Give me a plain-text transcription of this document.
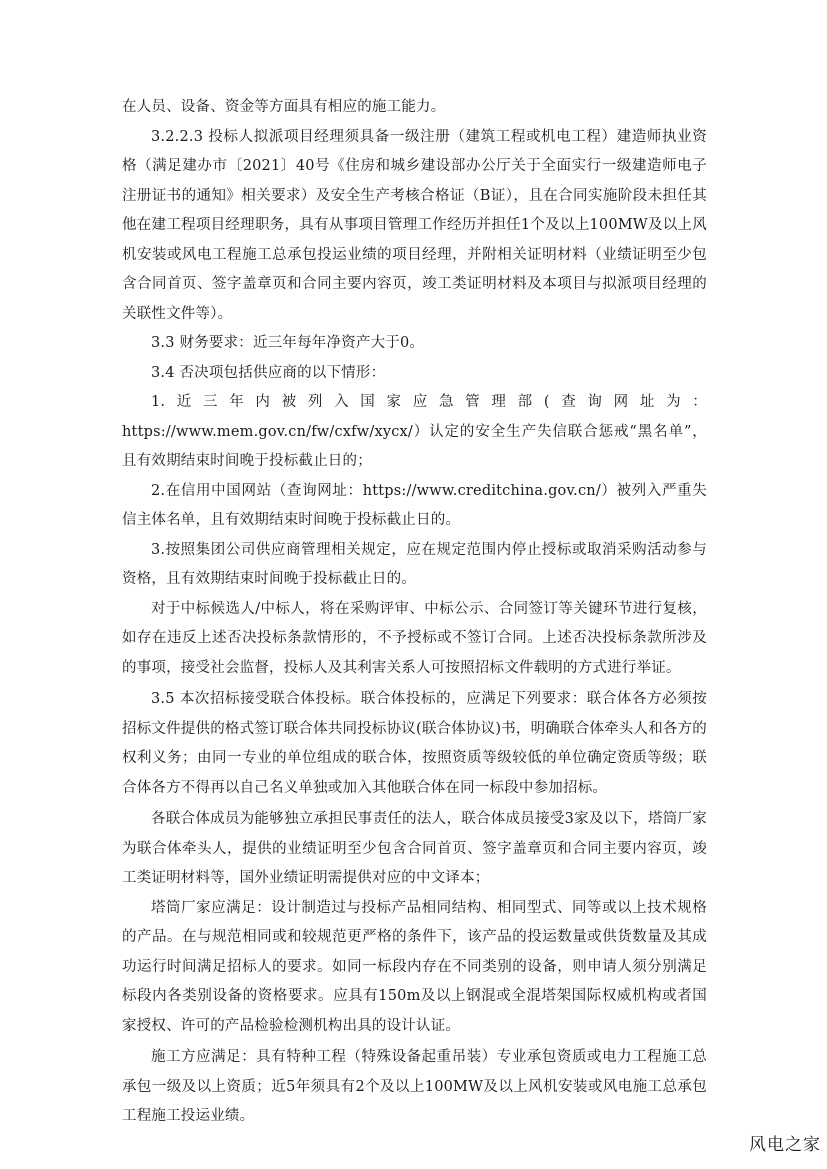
在人员、设备、资金等方面具有相应的施工能力。

3.2.2.3 投标人拟派项目经理须具备一级注册（建筑工程或机电工程）建造师执业资格（满足建办市〔2021〕40号《住房和城乡建设部办公厅关于全面实行一级建造师电子注册证书的通知》相关要求）及安全生产考核合格证（B证），且在合同实施阶段未担任其他在建工程项目经理职务，具有从事项目管理工作经历并担任1个及以上100MW及以上风机安装或风电工程施工总承包投运业绩的项目经理，并附相关证明材料（业绩证明至少包含合同首页、签字盖章页和合同主要内容页，竣工类证明材料及本项目与拟派项目经理的关联性文件等）。

3.3 财务要求：近三年每年净资产大于0。

3.4 否决项包括供应商的以下情形：

1.近三年内被列入国家应急管理部(查询网址为：https://www.mem.gov.cn/fw/cxfw/xycx/）认定的安全生产失信联合惩戒“黑名单”，且有效期结束时间晚于投标截止日的；

2.在信用中国网站（查询网址：https://www.creditchina.gov.cn/）被列入严重失信主体名单，且有效期结束时间晚于投标截止日的。

3.按照集团公司供应商管理相关规定，应在规定范围内停止授标或取消采购活动参与资格，且有效期结束时间晚于投标截止日的。

对于中标候选人/中标人，将在采购评审、中标公示、合同签订等关键环节进行复核，如存在违反上述否决投标条款情形的，不予授标或不签订合同。上述否决投标条款所涉及的事项，接受社会监督，投标人及其利害关系人可按照招标文件载明的方式进行举证。

3.5 本次招标接受联合体投标。联合体投标的，应满足下列要求：联合体各方必须按招标文件提供的格式签订联合体共同投标协议(联合体协议)书，明确联合体牵头人和各方的权利义务；由同一专业的单位组成的联合体，按照资质等级较低的单位确定资质等级；联合体各方不得再以自己名义单独或加入其他联合体在同一标段中参加招标。

各联合体成员为能够独立承担民事责任的法人，联合体成员接受3家及以下，塔筒厂家为联合体牵头人，提供的业绩证明至少包含合同首页、签字盖章页和合同主要内容页，竣工类证明材料等，国外业绩证明需提供对应的中文译本；

塔筒厂家应满足：设计制造过与投标产品相同结构、相同型式、同等或以上技术规格的产品。在与规范相同或和较规范更严格的条件下，该产品的投运数量或供货数量及其成功运行时间满足招标人的要求。如同一标段内存在不同类别的设备，则申请人须分别满足标段内各类别设备的资格要求。应具有150m及以上钢混或全混塔架国际权威机构或者国家授权、许可的产品检验检测机构出具的设计认证。

施工方应满足：具有特种工程（特殊设备起重吊装）专业承包资质或电力工程施工总承包一级及以上资质；近5年须具有2个及以上100MW及以上风机安装或风电施工总承包工程施工投运业绩。

风电之家
